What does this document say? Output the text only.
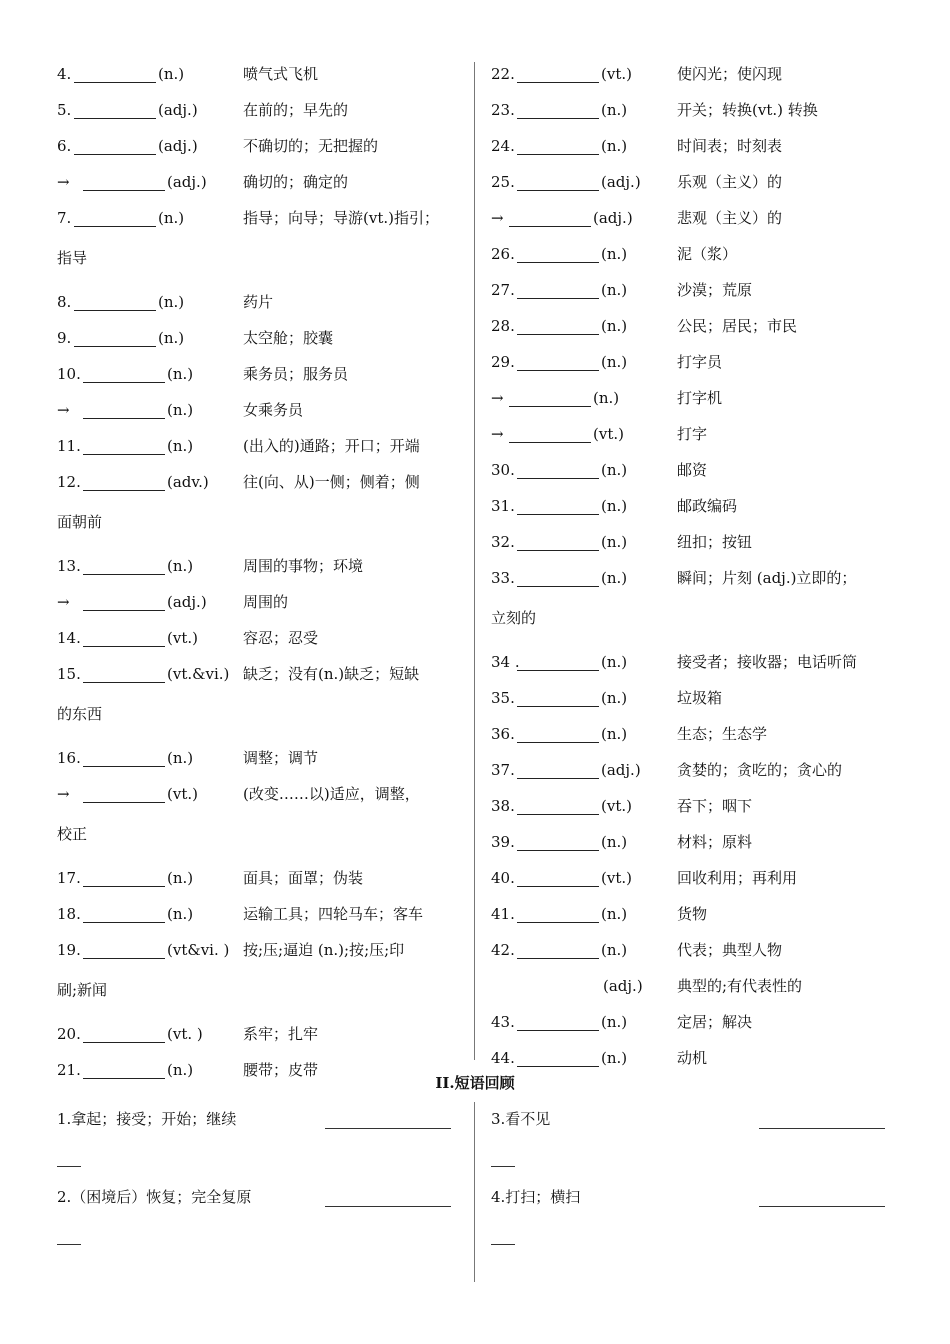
4.	(n.)	喷气式飞机
5.	(adj.)	在前的；早先的
6.	(adj.)	不确切的；无把握的
→	(adj.) 确切的；确定的
7.	(n.)	指导；向导；导游(vt.)指引；
指导
8.	(n.)	药片
9.	(n.)	太空舱；胶囊
10.	(n.)	乘务员；服务员
→	(n.)	女乘务员
11.	(n.)	(出入的)通路；开口；开端
12.	(adv.) 往(向、从)一侧；侧着；侧
面朝前
13.	(n.)	周围的事物；环境
→	(adj.) 周围的
14.	(vt.)	容忍；忍受
15.	(vt.&vi.) 缺乏；没有(n.)缺乏；短缺
的东西
16.	(n.)	调整；调节
→	(vt.)	(改变……以)适应，调整，
校正
17.	(n.)	面具；面罩；伪装
18.	(n.)	运输工具；四轮马车；客车
19.	(vt&vi. ) 按;压;逼迫 (n.);按;压;印
刷;新闻
20.	(vt. )	系牢；扎牢
21.	(n.)	腰带；皮带
22.	(vt.)	使闪光；使闪现
23.	(n.)	开关；转换(vt.) 转换
24.	(n.)	时间表；时刻表
25.	(adj.) 乐观（主义）的
→	(adj.)	悲观（主义）的
26.	(n.)	泥（浆）
27.	(n.)	沙漠；荒原
28.	(n.)	公民；居民；市民
29.	(n.)	打字员
→	(n.)	打字机
→	(vt.)	打字
30.	(n.)	邮资
31.	(n.)	邮政编码
32.	(n.)	纽扣；按钮
33.	(n.)	瞬间；片刻 (adj.)立即的；
立刻的
34 .	(n.)	接受者；接收器；电话听筒
35.	(n.)	垃圾箱
36.	(n.)	生态；生态学
37.	(adj.) 贪婪的；贪吃的；贪心的
38.	(vt.)	吞下；咽下
39.	(n.)	材料；原料
40.	(vt.)	回收利用；再利用
41.	(n.)	货物
42.	(n.)	代表；典型人物
(adj.) 典型的;有代表性的
43.	(n.)	定居；解决
44.	(n.)	动机
II.短语回顾
1.拿起；接受；开始；继续
2.（困境后）恢复；完全复原
3.看不见
4.打扫；横扫
